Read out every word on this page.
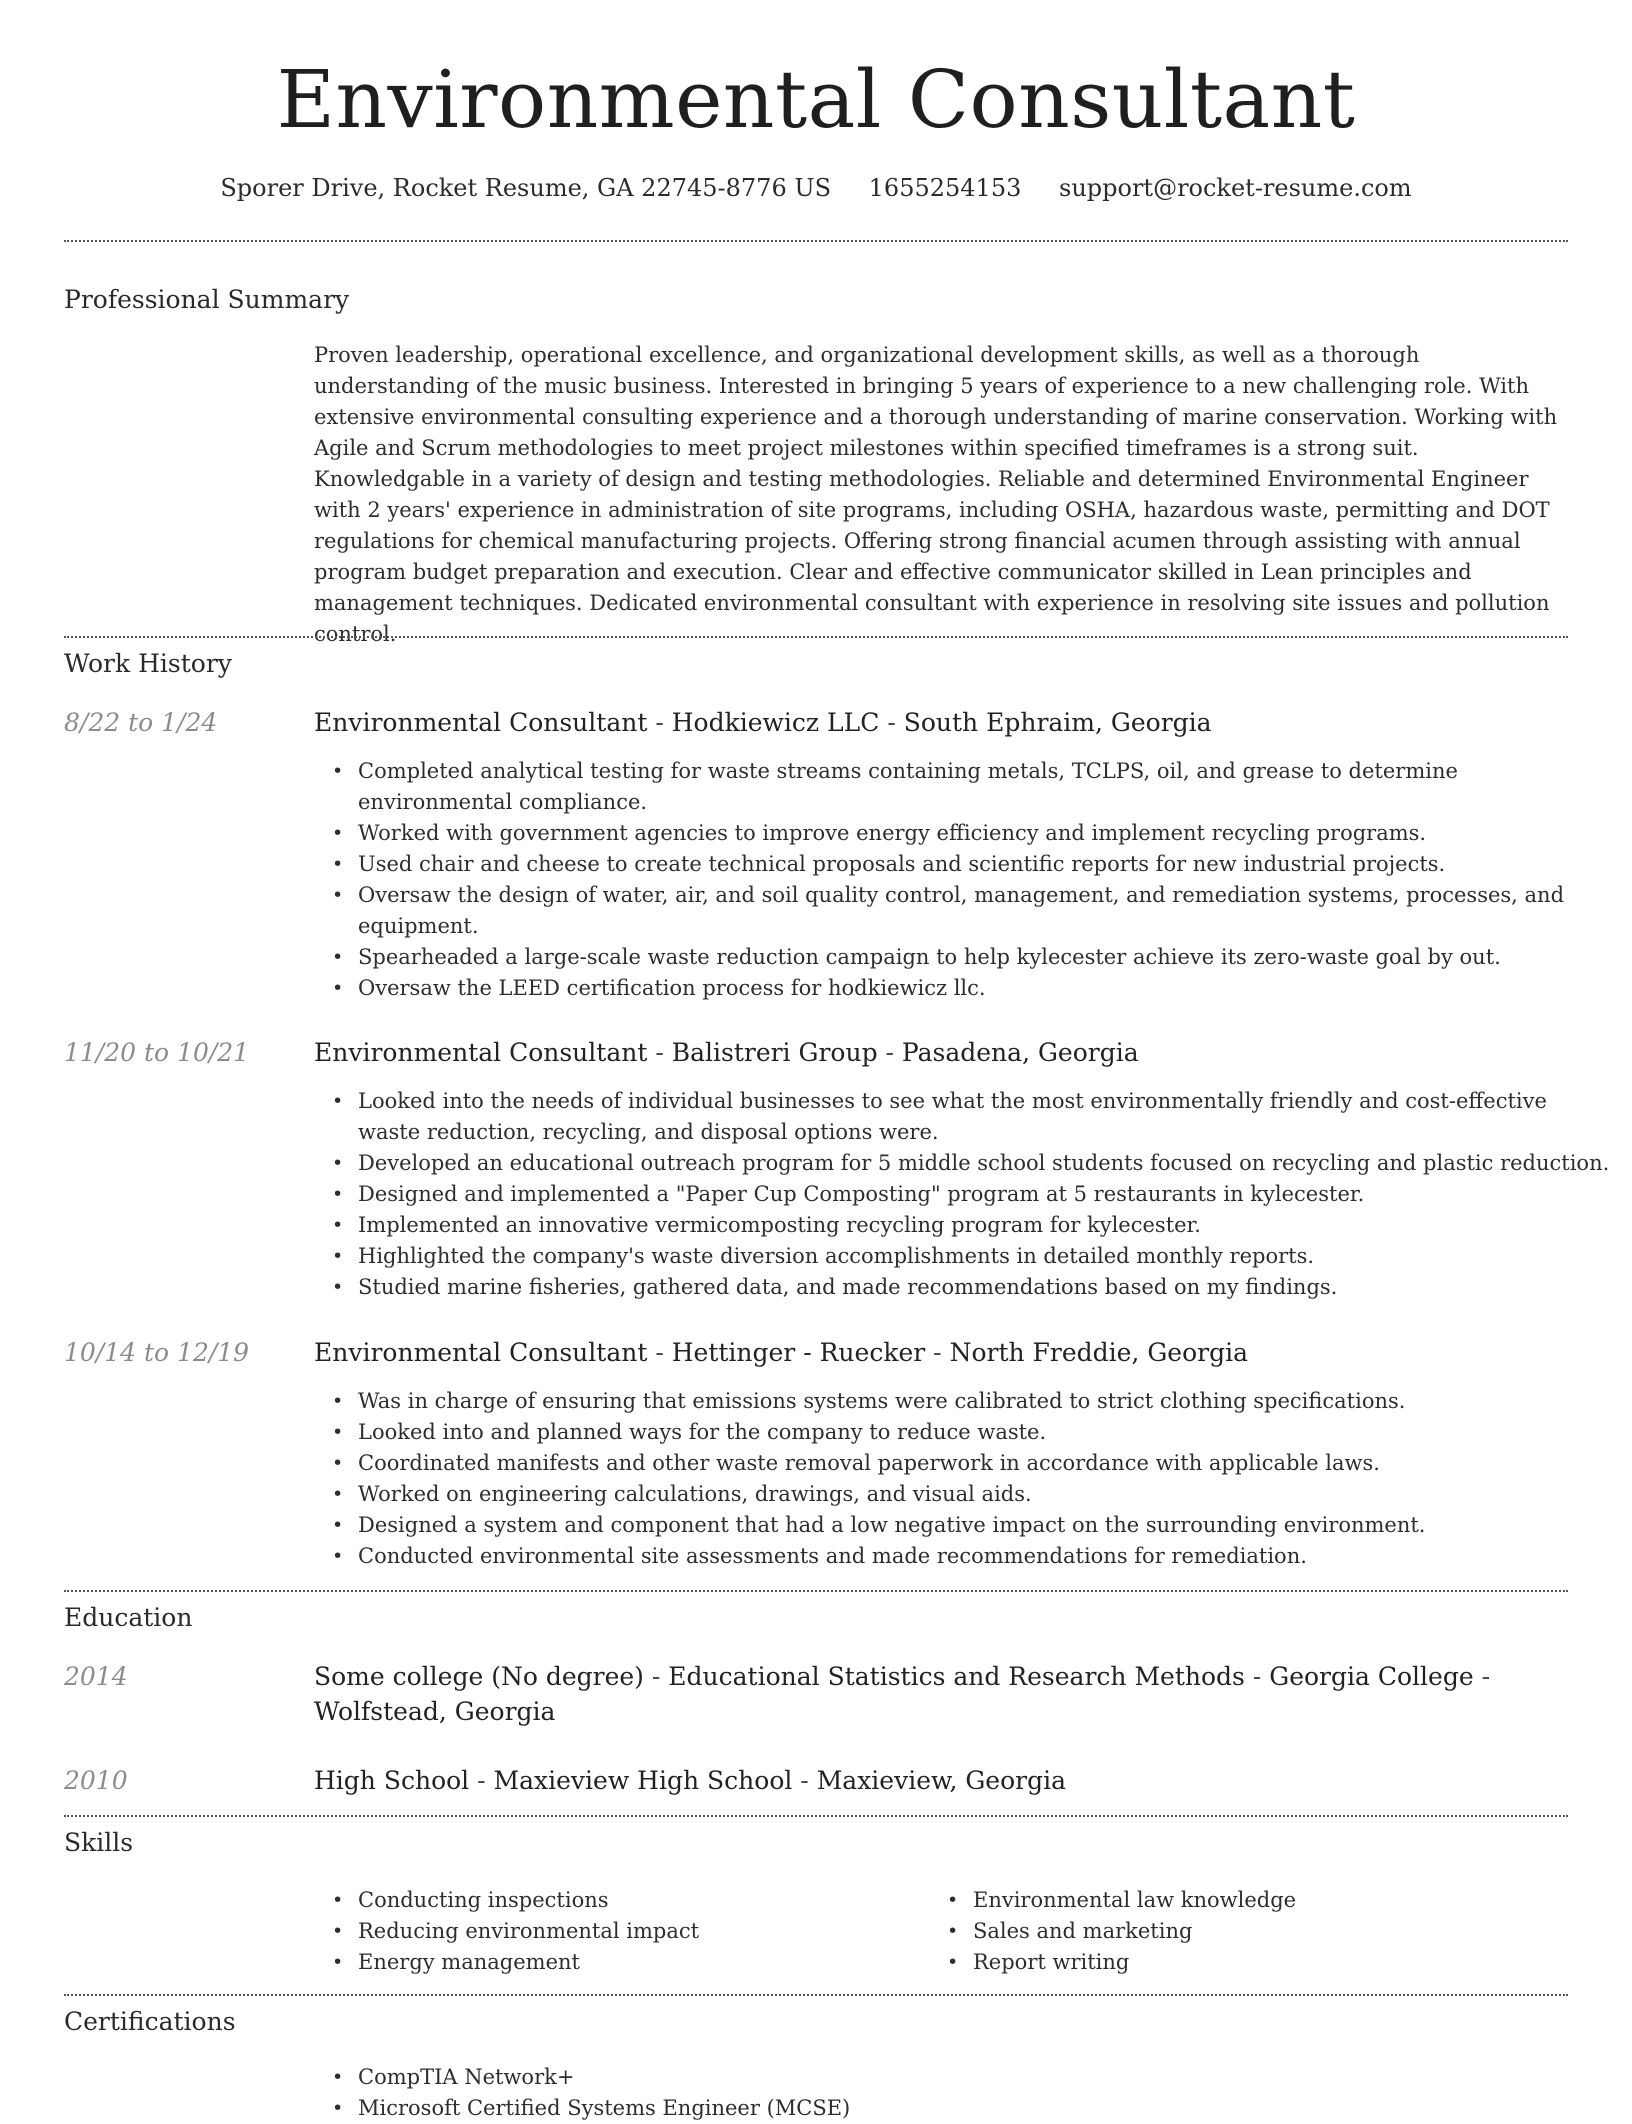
Environmental Consultant
Sporer Drive, Rocket Resume, GA 22745-8776 US 1655254153 support@rocket-resume.com
Professional Summary
Proven leadership, operational excellence, and organizational development skills, as well as a thorough understanding of the music business. Interested in bringing 5 years of experience to a new challenging role. With extensive environmental consulting experience and a thorough understanding of marine conservation. Working with Agile and Scrum methodologies to meet project milestones within specified timeframes is a strong suit. Knowledgable in a variety of design and testing methodologies. Reliable and determined Environmental Engineer with 2 years' experience in administration of site programs, including OSHA, hazardous waste, permitting and DOT regulations for chemical manufacturing projects. Offering strong financial acumen through assisting with annual program budget preparation and execution. Clear and effective communicator skilled in Lean principles and management techniques. Dedicated environmental consultant with experience in resolving site issues and pollution control.
Work History
8/22 to 1/24	Environmental Consultant - Hodkiewicz LLC - South Ephraim, Georgia
• Completed analytical testing for waste streams containing metals, TCLPS, oil, and grease to determine environmental compliance.
• Worked with government agencies to improve energy efficiency and implement recycling programs.
• Used chair and cheese to create technical proposals and scientific reports for new industrial projects.
• Oversaw the design of water, air, and soil quality control, management, and remediation systems, processes, and equipment.
• Spearheaded a large-scale waste reduction campaign to help kylecester achieve its zero-waste goal by out.
• Oversaw the LEED certification process for hodkiewicz llc.
11/20 to 10/21	Environmental Consultant - Balistreri Group - Pasadena, Georgia
• Looked into the needs of individual businesses to see what the most environmentally friendly and cost-effective waste reduction, recycling, and disposal options were.
• Developed an educational outreach program for 5 middle school students focused on recycling and plastic reduction.
• Designed and implemented a "Paper Cup Composting" program at 5 restaurants in kylecester.
• Implemented an innovative vermicomposting recycling program for kylecester.
• Highlighted the company's waste diversion accomplishments in detailed monthly reports.
• Studied marine fisheries, gathered data, and made recommendations based on my findings.
10/14 to 12/19	Environmental Consultant - Hettinger - Ruecker - North Freddie, Georgia
• Was in charge of ensuring that emissions systems were calibrated to strict clothing specifications.
• Looked into and planned ways for the company to reduce waste.
• Coordinated manifests and other waste removal paperwork in accordance with applicable laws.
• Worked on engineering calculations, drawings, and visual aids.
• Designed a system and component that had a low negative impact on the surrounding environment.
• Conducted environmental site assessments and made recommendations for remediation.
Education
2014	Some college (No degree) - Educational Statistics and Research Methods - Georgia College - Wolfstead, Georgia
2010	High School - Maxieview High School - Maxieview, Georgia
Skills
• Conducting inspections
• Reducing environmental impact
• Energy management
• Environmental law knowledge
• Sales and marketing
• Report writing
Certifications
• CompTIA Network+
• Microsoft Certified Systems Engineer (MCSE)
